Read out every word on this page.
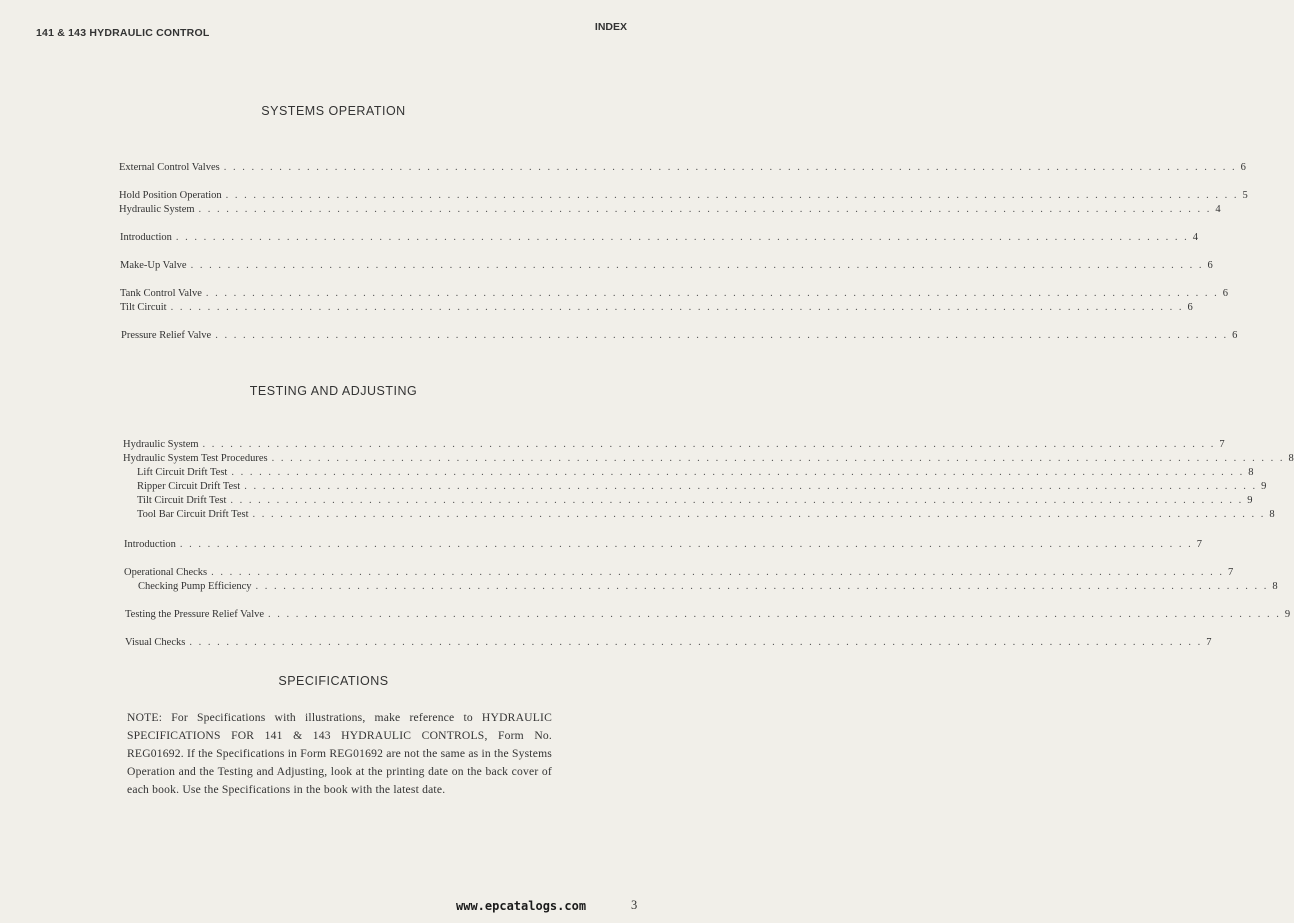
141 & 143 HYDRAULIC CONTROL	INDEX
SYSTEMS OPERATION
External Control Valves . . . . . . . . . . . . . . . . . . . . . . . . . . . . . . . . . . . . . . . . . . . . . . . . . . . . . . . . . . . . . . . . . . . . . . . . . . . . . . . . . . . . . . . . . . . . . . . . . . . . . . . . . . . . . . 6
Hold Position Operation . . . . . . . . . . . . . . . . . . . . . . . . . . . . . . . . . . . . . . . . . . . . . . . . . . . . . . . . . . . . . . . . . . . . . . . . . . . . . . . . . . . . . . . . . . . . . . . . . . . . . . . . . . . . . . 5
Hydraulic System . . . . . . . . . . . . . . . . . . . . . . . . . . . . . . . . . . . . . . . . . . . . . . . . . . . . . . . . . . . . . . . . . . . . . . . . . . . . . . . . . . . . . . . . . . . . . . . . . . . . . . . . . . . . . . 4
Introduction . . . . . . . . . . . . . . . . . . . . . . . . . . . . . . . . . . . . . . . . . . . . . . . . . . . . . . . . . . . . . . . . . . . . . . . . . . . . . . . . . . . . . . . . . . . . . . . . . . . . . . . . . . . . . . 4
Make-Up Valve . . . . . . . . . . . . . . . . . . . . . . . . . . . . . . . . . . . . . . . . . . . . . . . . . . . . . . . . . . . . . . . . . . . . . . . . . . . . . . . . . . . . . . . . . . . . . . . . . . . . . . . . . . . . . . 6
Tank Control Valve . . . . . . . . . . . . . . . . . . . . . . . . . . . . . . . . . . . . . . . . . . . . . . . . . . . . . . . . . . . . . . . . . . . . . . . . . . . . . . . . . . . . . . . . . . . . . . . . . . . . . . . . . . . . . . 6
Tilt Circuit . . . . . . . . . . . . . . . . . . . . . . . . . . . . . . . . . . . . . . . . . . . . . . . . . . . . . . . . . . . . . . . . . . . . . . . . . . . . . . . . . . . . . . . . . . . . . . . . . . . . . . . . . . . . . . 6
Pressure Relief Valve . . . . . . . . . . . . . . . . . . . . . . . . . . . . . . . . . . . . . . . . . . . . . . . . . . . . . . . . . . . . . . . . . . . . . . . . . . . . . . . . . . . . . . . . . . . . . . . . . . . . . . . . . . . . . . 6
TESTING AND ADJUSTING
Hydraulic System . . . . . . . . . . . . . . . . . . . . . . . . . . . . . . . . . . . . . . . . . . . . . . . . . . . . . . . . . . . . . . . . . . . . . . . . . . . . . . . . . . . . . . . . . . . . . . . . . . . . . . . . . . . . . . 7
Hydraulic System Test Procedures . . . . . . . . . . . . . . . . . . . . . . . . . . . . . . . . . . . . . . . . . . . . . . . . . . . . . . . . . . . . . . . . . . . . . . . . . . . . . . . . . . . . . . . . . . . . . . . . . . . . . . . . . . . . . . 8
Lift Circuit Drift Test . . . . . . . . . . . . . . . . . . . . . . . . . . . . . . . . . . . . . . . . . . . . . . . . . . . . . . . . . . . . . . . . . . . . . . . . . . . . . . . . . . . . . . . . . . . . . . . . . . . . . . . . . . . . . . 8
Ripper Circuit Drift Test . . . . . . . . . . . . . . . . . . . . . . . . . . . . . . . . . . . . . . . . . . . . . . . . . . . . . . . . . . . . . . . . . . . . . . . . . . . . . . . . . . . . . . . . . . . . . . . . . . . . . . . . . . . . . . 9
Tilt Circuit Drift Test . . . . . . . . . . . . . . . . . . . . . . . . . . . . . . . . . . . . . . . . . . . . . . . . . . . . . . . . . . . . . . . . . . . . . . . . . . . . . . . . . . . . . . . . . . . . . . . . . . . . . . . . . . . . . . 9
Tool Bar Circuit Drift Test . . . . . . . . . . . . . . . . . . . . . . . . . . . . . . . . . . . . . . . . . . . . . . . . . . . . . . . . . . . . . . . . . . . . . . . . . . . . . . . . . . . . . . . . . . . . . . . . . . . . . . . . . . . . . . 8
Introduction . . . . . . . . . . . . . . . . . . . . . . . . . . . . . . . . . . . . . . . . . . . . . . . . . . . . . . . . . . . . . . . . . . . . . . . . . . . . . . . . . . . . . . . . . . . . . . . . . . . . . . . . . . . . . . 7
Operational Checks . . . . . . . . . . . . . . . . . . . . . . . . . . . . . . . . . . . . . . . . . . . . . . . . . . . . . . . . . . . . . . . . . . . . . . . . . . . . . . . . . . . . . . . . . . . . . . . . . . . . . . . . . . . . . . 7
Checking Pump Efficiency . . . . . . . . . . . . . . . . . . . . . . . . . . . . . . . . . . . . . . . . . . . . . . . . . . . . . . . . . . . . . . . . . . . . . . . . . . . . . . . . . . . . . . . . . . . . . . . . . . . . . . . . . . . . . . 8
Testing the Pressure Relief Valve . . . . . . . . . . . . . . . . . . . . . . . . . . . . . . . . . . . . . . . . . . . . . . . . . . . . . . . . . . . . . . . . . . . . . . . . . . . . . . . . . . . . . . . . . . . . . . . . . . . . . . . . . . . . . . 9
Visual Checks . . . . . . . . . . . . . . . . . . . . . . . . . . . . . . . . . . . . . . . . . . . . . . . . . . . . . . . . . . . . . . . . . . . . . . . . . . . . . . . . . . . . . . . . . . . . . . . . . . . . . . . . . . . . . . 7
SPECIFICATIONS
NOTE: For Specifications with illustrations, make reference to HYDRAULIC SPECIFICATIONS FOR 141 & 143 HYDRAULIC CONTROLS, Form No. REG01692. If the Specifications in Form REG01692 are not the same as in the Systems Operation and the Testing and Adjusting, look at the printing date on the back cover of each book. Use the Specifications in the book with the latest date.
www.epcatalogs.com	3
